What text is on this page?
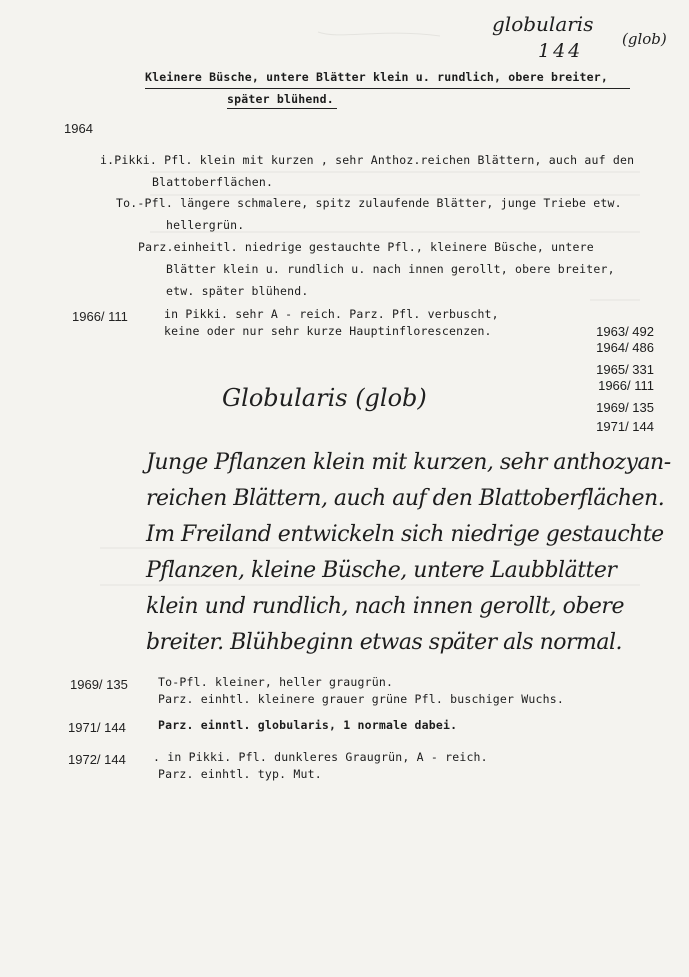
globularis
(glob)
144
Kleinere Büsche, untere Blätter klein u. rundlich, obere breiter,
später blühend.
1964
i.Pikki. Pfl. klein mit kurzen , sehr Anthoz.reichen Blättern, auch auf den
Blattoberflächen.
To.-Pfl. längere schmalere, spitz zulaufende Blätter, junge Triebe etw.
hellergrün.
Parz.einheitl. niedrige gestauchte Pfl., kleinere Büsche, untere
Blätter klein u. rundlich u. nach innen gerollt, obere breiter,
etw. später blühend.
1966/ 111	in Pikki. sehr A - reich. Parz. Pfl. verbuscht,
keine oder nur sehr kurze Hauptinflorescenzen.	1963/ 492
1964/ 486
1965/ 331
1966/ 111
1969/ 135
1971/ 144
Globularis (glob)
Junge Pflanzen klein mit kurzen, sehr anthozyan-
reichen Blättern, auch auf den Blattoberflächen.
Im Freiland entwickeln sich niedrige gestauchte
Pflanzen, kleine Büsche, untere Laubblätter
klein und rundlich, nach innen gerollt, obere
breiter. Blühbeginn etwas später als normal.
1969/ 135	To-Pfl. kleiner, heller graugrün.
Parz. einhtl. kleinere grauer grüne Pfl. buschiger Wuchs.
1971/ 144	Parz. einntl. globularis, 1 normale dabei.
1972/ 144 . in Pikki. Pfl. dunkleres Graugrün, A - reich.
Parz. einhtl. typ. Mut.
